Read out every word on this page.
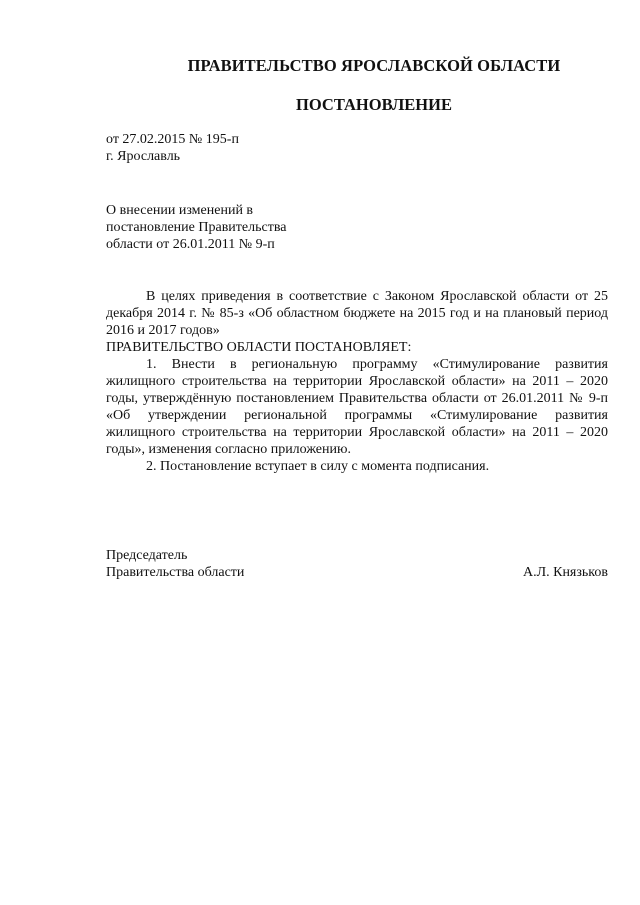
ПРАВИТЕЛЬСТВО ЯРОСЛАВСКОЙ ОБЛАСТИ
ПОСТАНОВЛЕНИЕ
от 27.02.2015 № 195-п
г. Ярославль
О внесении изменений в
постановление Правительства
области от 26.01.2011 № 9-п

В целях приведения в соответствие с Законом Ярославской области от 25 декабря 2014 г. № 85-з «Об областном бюджете на 2015 год и на плановый период 2016 и 2017 годов»

ПРАВИТЕЛЬСТВО ОБЛАСТИ ПОСТАНОВЛЯЕТ:

1. Внести в региональную программу «Стимулирование развития жилищного строительства на территории Ярославской области» на 2011 – 2020 годы, утверждённую постановлением Правительства области от 26.01.2011 № 9-п «Об утверждении региональной программы «Стимулирование развития жилищного строительства на территории Ярославской области» на 2011 – 2020 годы», изменения согласно приложению.

2. Постановление вступает в силу с момента подписания.

Председатель
Правительства области	А.Л. Князьков
